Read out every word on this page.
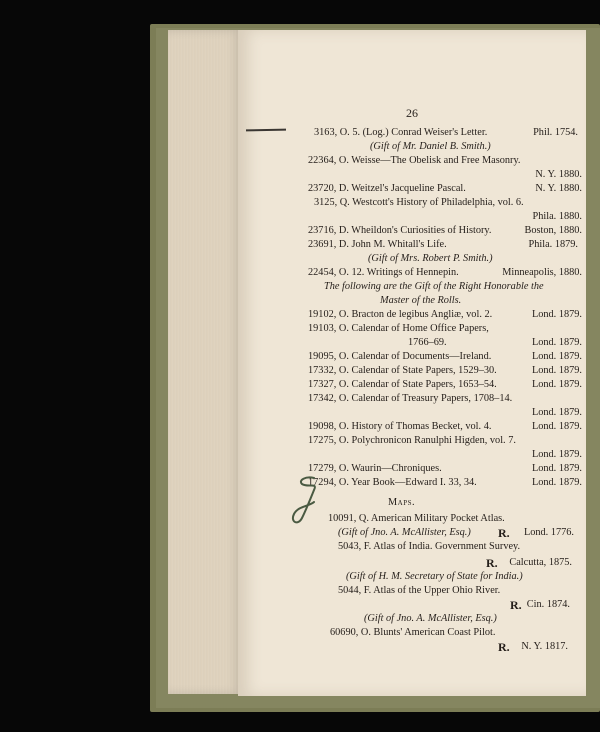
26
3163, O. 5. (Log.) Conrad Weiser's Letter.	Phil. 1754.
(Gift of Mr. Daniel B. Smith.)
22364, O. Weisse—The Obelisk and Free Masonry.
N. Y. 1880.
23720, D. Weitzel's Jacqueline Pascal.	N. Y. 1880.
3125, Q. Westcott's History of Philadelphia, vol. 6.
Phila. 1880.
23716, D. Wheildon's Curiosities of History.	Boston, 1880.
23691, D. John M. Whitall's Life.	Phila. 1879.
(Gift of Mrs. Robert P. Smith.)
22454, O. 12. Writings of Hennepin.	Minneapolis, 1880.
The following are the Gift of the Right Honorable the
Master of the Rolls.
19102, O. Bracton de legibus Angliæ, vol. 2.	Lond. 1879.
19103, O. Calendar of Home Office Papers,
1766–69.	Lond. 1879.
19095, O. Calendar of Documents—Ireland.	Lond. 1879.
17332, O. Calendar of State Papers, 1529–30.	Lond. 1879.
17327, O. Calendar of State Papers, 1653–54.	Lond. 1879.
17342, O. Calendar of Treasury Papers, 1708–14.
Lond. 1879.
19098, O. History of Thomas Becket, vol. 4.	Lond. 1879.
17275, O. Polychronicon Ranulphi Higden, vol. 7.
Lond. 1879.
17279, O. Waurin—Chroniques.	Lond. 1879.
17294, O. Year Book—Edward I. 33, 34.	Lond. 1879.
Maps.
10091, Q. American Military Pocket Atlas.
(Gift of Jno. A. McAllister, Esq.) R. Lond. 1776.
5043, F. Atlas of India. Government Survey.
R. Calcutta, 1875.
(Gift of H. M. Secretary of State for India.)
5044, F. Atlas of the Upper Ohio River.
R. Cin. 1874.
(Gift of Jno. A. McAllister, Esq.)
60690, O. Blunts' American Coast Pilot.
R. N. Y. 1817.
